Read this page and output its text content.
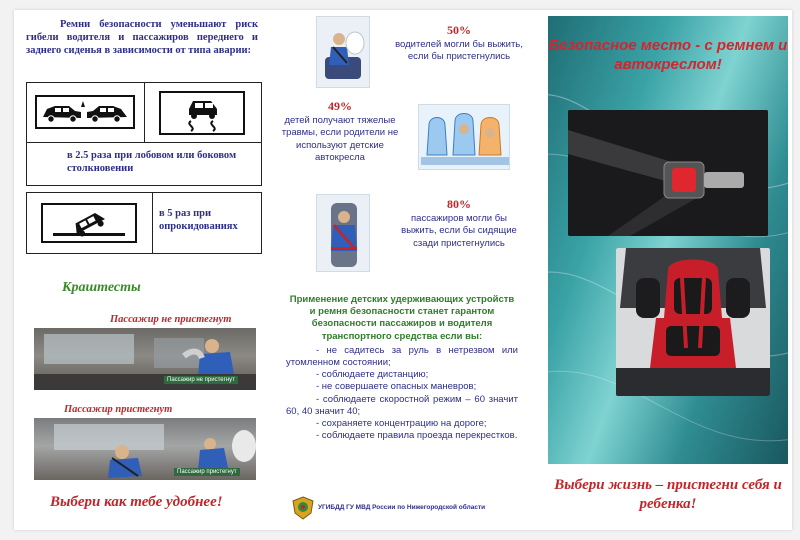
Ремни безопасности уменьшают риск гибели водителя и пассажиров переднего и заднего сиденья в зависимости от типа аварии:

в 2.5 раза при лобовом или боковом столкновении

в 5 раз при опрокидованиях

Краштесты
Пассажир не пристегнут
Пассажир не пристегнут
Пассажир пристегнут
Пассажир пристегнут
Выбери как тебе удобнее!
50%
водителей могли бы выжить, если бы пристегнулись
49%
детей получают тяжелые травмы, если родители не используют детские автокресла
80%
пассажиров могли бы выжить, если бы сидящие сзади пристегнулись

Применение детских удерживающих устройств и ремня безопасности станет гарантом безопасности пассажиров и водителя транспортного средства если вы:

- не садитесь за руль в нетрезвом или утомленном состоянии;

- соблюдаете дистанцию;

- не совершаете опасных маневров;

- соблюдаете скоростной режим – 60 значит 60, 40 значит 40;

- сохраняете концентрацию на дороге;

- соблюдаете правила проезда перекрестков.

УГИБДД ГУ МВД России по Нижегородской области
Безопасное место - с ремнем и автокреслом!
Выбери жизнь – пристегни себя и ребенка!
